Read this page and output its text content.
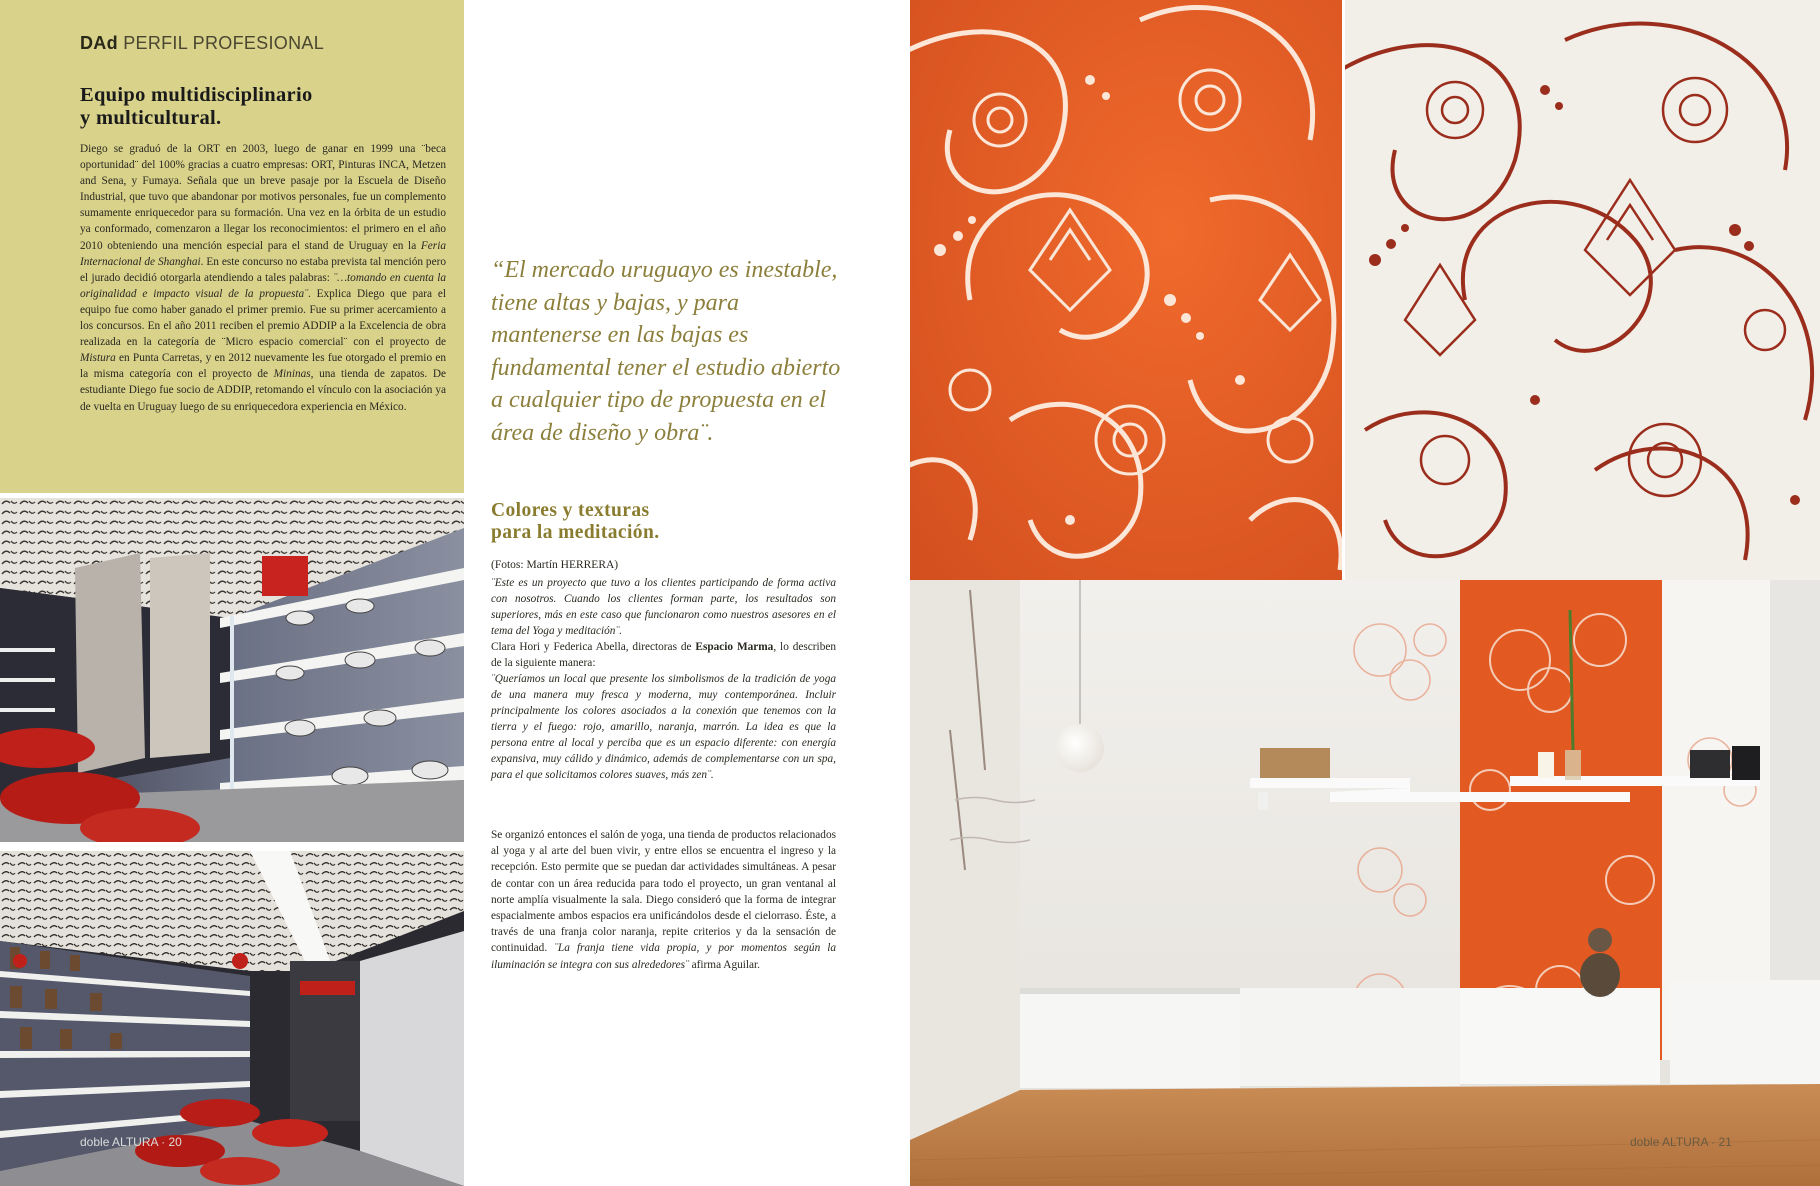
DAd PERFIL PROFESIONAL
Equipo multidisciplinario
y multicultural.

Diego se graduó de la ORT en 2003, luego de ganar en 1999 una ¨beca oportunidad¨ del 100% gracias a cuatro empresas: ORT, Pinturas INCA, Metzen and Sena, y Fumaya. Señala que un breve pasaje por la Escuela de Diseño Industrial, que tuvo que abandonar por motivos personales, fue un complemento sumamente enriquecedor para su formación. Una vez en la órbita de un estudio ya conformado, comenzaron a llegar los reconocimientos: el primero en el año 2010 obteniendo una mención especial para el stand de Uruguay en la Feria Internacional de Shanghai. En este concurso no estaba prevista tal mención pero el jurado decidió otorgarla atendiendo a tales palabras: ¨…tomando en cuenta la originalidad e impacto visual de la propuesta¨. Explica Diego que para el equipo fue como haber ganado el primer premio. Fue su primer acercamiento a los concursos. En el año 2011 reciben el premio ADDIP a la Excelencia de obra realizada en la categoría de ¨Micro espacio comercial¨ con el proyecto de Mistura en Punta Carretas, y en 2012 nuevamente les fue otorgado el premio en la misma categoría con el proyecto de Mininas, una tienda de zapatos. De estudiante Diego fue socio de ADDIP, retomando el vínculo con la asociación ya de vuelta en Uruguay luego de su enriquecedora experiencia en México.

doble ALTURA · 20
“El mercado uruguayo es inestable, tiene altas y bajas, y para mantenerse en las bajas es fundamental tener el estudio abierto a cualquier tipo de propuesta en el área de diseño y obra¨.
Colores y texturas
para la meditación.

(Fotos: Martín HERRERA)

¨Este es un proyecto que tuvo a los clientes participando de forma activa con nosotros. Cuando los clientes forman parte, los resultados son superiores, más en este caso que funcionaron como nuestros asesores en el tema del Yoga y meditación¨.
Clara Hori y Federica Abella, directoras de Espacio Marma, lo describen de la siguiente manera:
¨Queríamos un local que presente los simbolismos de la tradición de yoga de una manera muy fresca y moderna, muy contemporánea. Incluir principalmente los colores asociados a la conexión que tenemos con la tierra y el fuego: rojo, amarillo, naranja, marrón. La idea es que la persona entre al local y perciba que es un espacio diferente: con energía expansiva, muy cálido y dinámico, además de complementarse con un spa, para el que solicitamos colores suaves, más zen¨.

Se organizó entonces el salón de yoga, una tienda de productos relacionados al yoga y al arte del buen vivir, y entre ellos se encuentra el ingreso y la recepción. Esto permite que se puedan dar actividades simultáneas. A pesar de contar con un área reducida para todo el proyecto, un gran ventanal al norte amplía visualmente la sala. Diego consideró que la forma de integrar espacialmente ambos espacios era unificándolos desde el cielorraso. Éste, a través de una franja color naranja, repite criterios y da la sensación de continuidad. ¨La franja tiene vida propia, y por momentos según la iluminación se integra con sus alrededores¨ afirma Aguilar.

doble ALTURA · 21
